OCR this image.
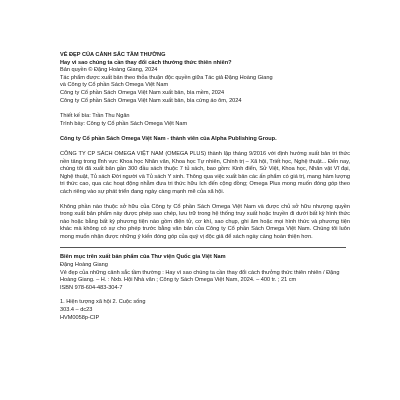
VẺ ĐẸP CỦA CẢNH SẮC TẦM THƯỜNG

Hay vì sao chúng ta cần thay đổi cách thưởng thức thiên nhiên?

Bản quyền © Đặng Hoàng Giang, 2024

Tác phẩm được xuất bản theo thỏa thuận độc quyền giữa Tác giả Đặng Hoàng Giang

và Công ty Cổ phần Sách Omega Việt Nam

Công ty Cổ phần Sách Omega Việt Nam xuất bản, bìa mềm, 2024

Công ty Cổ phần Sách Omega Việt Nam xuất bản, bìa cứng áo ôm, 2024

Thiết kế bìa: Trần Thu Ngân

Trình bày: Công ty Cổ phần Sách Omega Việt Nam

Công ty Cổ phần Sách Omega Việt Nam - thành viên của Alpha Publishing Group.

CÔNG TY CP SÁCH OMEGA VIỆT NAM (OMEGA PLUS) thành lập tháng 9/2016 với định hướng xuất bản tri thức nền tảng trong lĩnh vực Khoa học Nhân văn, Khoa học Tự nhiên, Chính trị – Xã hội, Triết học, Nghệ thuật... Đến nay, chúng tôi đã xuất bản gần 300 đầu sách thuộc 7 tủ sách, bao gồm: Kinh điển, Sử Việt, Khoa học, Nhân vật Vĩ đại, Nghệ thuật, Tủ sách Đời người và Tủ sách Y sinh. Thông qua việc xuất bản các ấn phẩm có giá trị, mang hàm lượng tri thức cao, qua các hoạt động nhằm đưa tri thức hữu ích đến cộng đồng; Omega Plus mong muốn đóng góp theo cách riêng vào sự phát triển đang ngày càng mạnh mẽ của xã hội.

Không phần nào thuộc sở hữu của Công ty Cổ phần Sách Omega Việt Nam và được chủ sở hữu nhượng quyền trong xuất bản phẩm này được phép sao chép, lưu trữ trong hệ thống truy xuất hoặc truyền đi dưới bất kỳ hình thức nào hoặc bằng bất kỳ phương tiện nào gồm điện tử, cơ khí, sao chụp, ghi âm hoặc mọi hình thức và phương tiện khác mà không có sự cho phép trước bằng văn bản của Công ty Cổ phần Sách Omega Việt Nam. Chúng tôi luôn mong muốn nhận được những ý kiến đóng góp của quý vị độc giả để sách ngày càng hoàn thiện hơn.

Biên mục trên xuất bản phẩm của Thư viện Quốc gia Việt Nam

Đặng Hoàng Giang

Vẻ đẹp của những cảnh sắc tầm thường : Hay vì sao chúng ta cần thay đổi cách thưởng thức thiên nhiên / Đặng Hoàng Giang. – H. : Nxb. Hội Nhà văn ; Công ty Sách Omega Việt Nam, 2024. – 400 tr. ; 21 cm

ISBN 978-604-483-304-7

1. Hiện tượng xã hội 2. Cuộc sống

303.4 – dc23

HVM0058p-CIP
